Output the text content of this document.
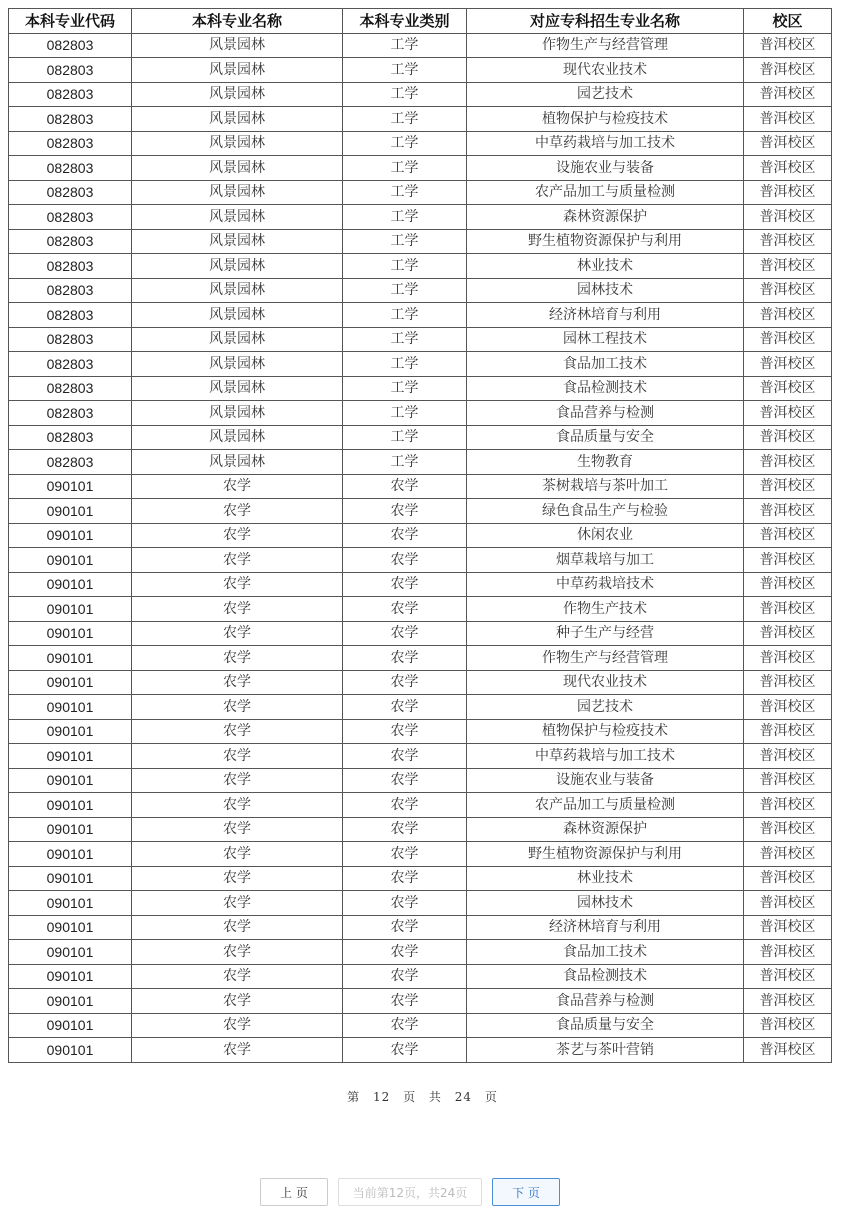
本科专业代码	本科专业名称	本科专业类别	对应专科招生专业名称	校区
082803	风景园林	工学	作物生产与经营管理	普洱校区
082803	风景园林	工学	现代农业技术	普洱校区
082803	风景园林	工学	园艺技术	普洱校区
082803	风景园林	工学	植物保护与检疫技术	普洱校区
082803	风景园林	工学	中草药栽培与加工技术	普洱校区
082803	风景园林	工学	设施农业与装备	普洱校区
082803	风景园林	工学	农产品加工与质量检测	普洱校区
082803	风景园林	工学	森林资源保护	普洱校区
082803	风景园林	工学	野生植物资源保护与利用	普洱校区
082803	风景园林	工学	林业技术	普洱校区
082803	风景园林	工学	园林技术	普洱校区
082803	风景园林	工学	经济林培育与利用	普洱校区
082803	风景园林	工学	园林工程技术	普洱校区
082803	风景园林	工学	食品加工技术	普洱校区
082803	风景园林	工学	食品检测技术	普洱校区
082803	风景园林	工学	食品营养与检测	普洱校区
082803	风景园林	工学	食品质量与安全	普洱校区
082803	风景园林	工学	生物教育	普洱校区
090101	农学	农学	茶树栽培与茶叶加工	普洱校区
090101	农学	农学	绿色食品生产与检验	普洱校区
090101	农学	农学	休闲农业	普洱校区
090101	农学	农学	烟草栽培与加工	普洱校区
090101	农学	农学	中草药栽培技术	普洱校区
090101	农学	农学	作物生产技术	普洱校区
090101	农学	农学	种子生产与经营	普洱校区
090101	农学	农学	作物生产与经营管理	普洱校区
090101	农学	农学	现代农业技术	普洱校区
090101	农学	农学	园艺技术	普洱校区
090101	农学	农学	植物保护与检疫技术	普洱校区
090101	农学	农学	中草药栽培与加工技术	普洱校区
090101	农学	农学	设施农业与装备	普洱校区
090101	农学	农学	农产品加工与质量检测	普洱校区
090101	农学	农学	森林资源保护	普洱校区
090101	农学	农学	野生植物资源保护与利用	普洱校区
090101	农学	农学	林业技术	普洱校区
090101	农学	农学	园林技术	普洱校区
090101	农学	农学	经济林培育与利用	普洱校区
090101	农学	农学	食品加工技术	普洱校区
090101	农学	农学	食品检测技术	普洱校区
090101	农学	农学	食品营养与检测	普洱校区
090101	农学	农学	食品质量与安全	普洱校区
090101	农学	农学	茶艺与茶叶营销	普洱校区
第 12 页 共 24 页
上 页	当前第12页，共24页	下 页
